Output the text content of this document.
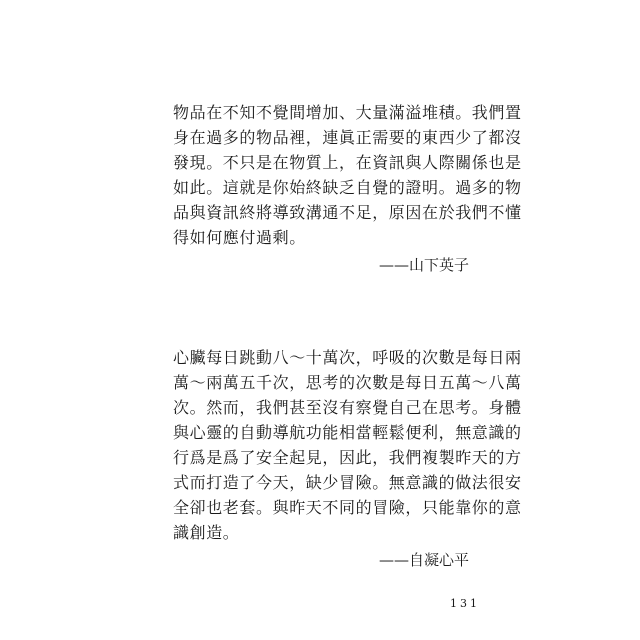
物品在不知不覺間增加、大量滿溢堆積。我們置
身在過多的物品裡，連眞正需要的東西少了都沒
發現。不只是在物質上，在資訊與人際關係也是
如此。這就是你始終缺乏自覺的證明。過多的物
品與資訊終將導致溝通不足，原因在於我們不懂
得如何應付過剩。

——山下英子

心臟每日跳動八～十萬次，呼吸的次數是每日兩
萬～兩萬五千次，思考的次數是每日五萬～八萬
次。然而，我們甚至沒有察覺自己在思考。身體
與心靈的自動導航功能相當輕鬆便利，無意識的
行爲是爲了安全起見，因此，我們複製昨天的方
式而打造了今天，缺少冒險。無意識的做法很安
全卻也老套。與昨天不同的冒險，只能靠你的意
識創造。

——自凝心平
131
